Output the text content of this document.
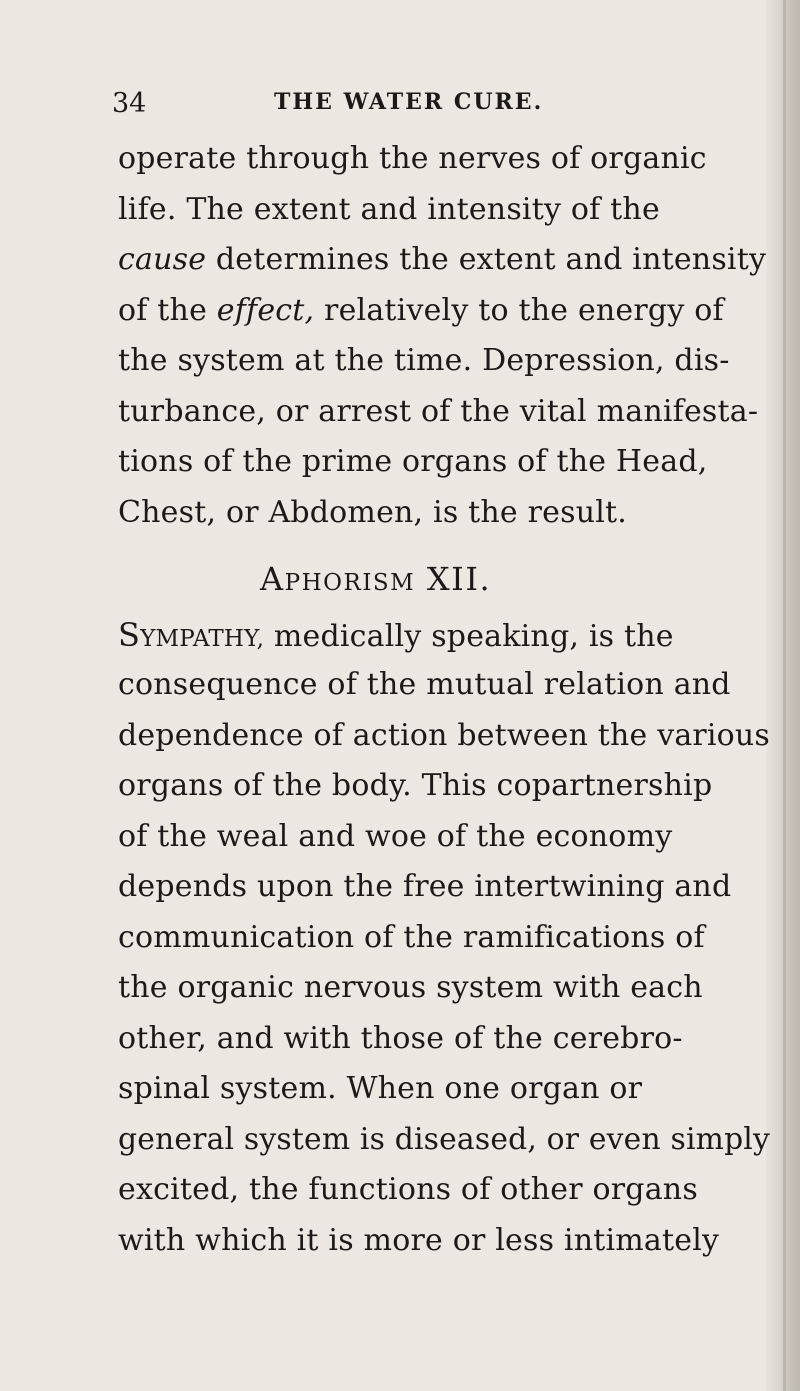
34	THE WATER CURE.
operate through the nerves of organic
life. The extent and intensity of the
cause determines the extent and intensity
of the effect, relatively to the energy of
the system at the time. Depression, dis-
turbance, or arrest of the vital manifesta-
tions of the prime organs of the Head,
Chest, or Abdomen, is the result.
APHORISM XII.
SYMPATHY, medically speaking, is the
consequence of the mutual relation and
dependence of action between the various
organs of the body. This copartnership
of the weal and woe of the economy
depends upon the free intertwining and
communication of the ramifications of
the organic nervous system with each
other, and with those of the cerebro-
spinal system. When one organ or
general system is diseased, or even simply
excited, the functions of other organs
with which it is more or less intimately
